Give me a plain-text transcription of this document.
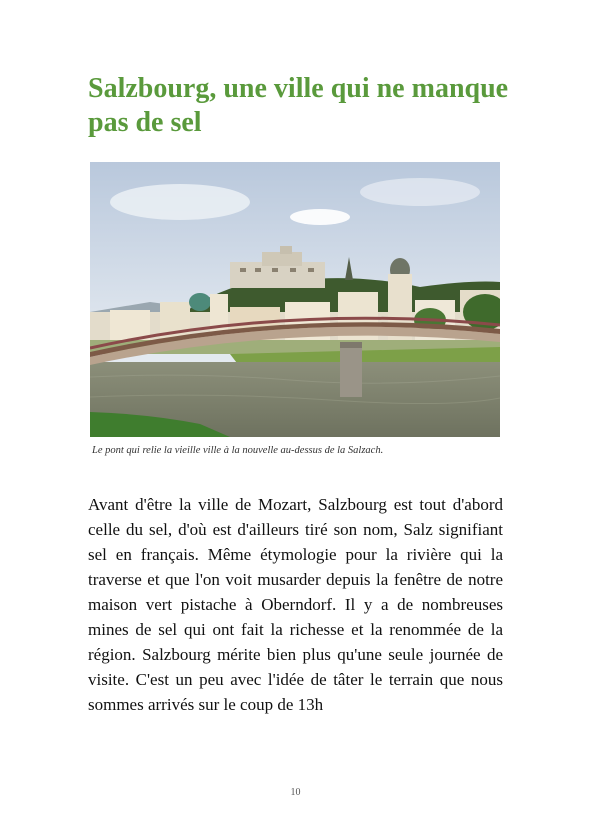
Salzbourg, une ville qui ne manque pas de sel

Le pont qui relie la vieille ville à la nouvelle au-dessus de la Salzach.

Avant d'être la ville de Mozart, Salzbourg est tout d'abord celle du sel, d'où est d'ailleurs tiré son nom, Salz signifiant sel en français. Même étymologie pour la rivière qui la traverse et que l'on voit musarder depuis la fenêtre de notre maison vert pistache à Oberndorf. Il y a de nombreuses mines de sel qui ont fait la richesse et la renommée de la région. Salzbourg mérite bien plus qu'une seule journée de visite. C'est un peu avec l'idée de tâter le terrain que nous sommes arrivés sur le coup de 13h

10
